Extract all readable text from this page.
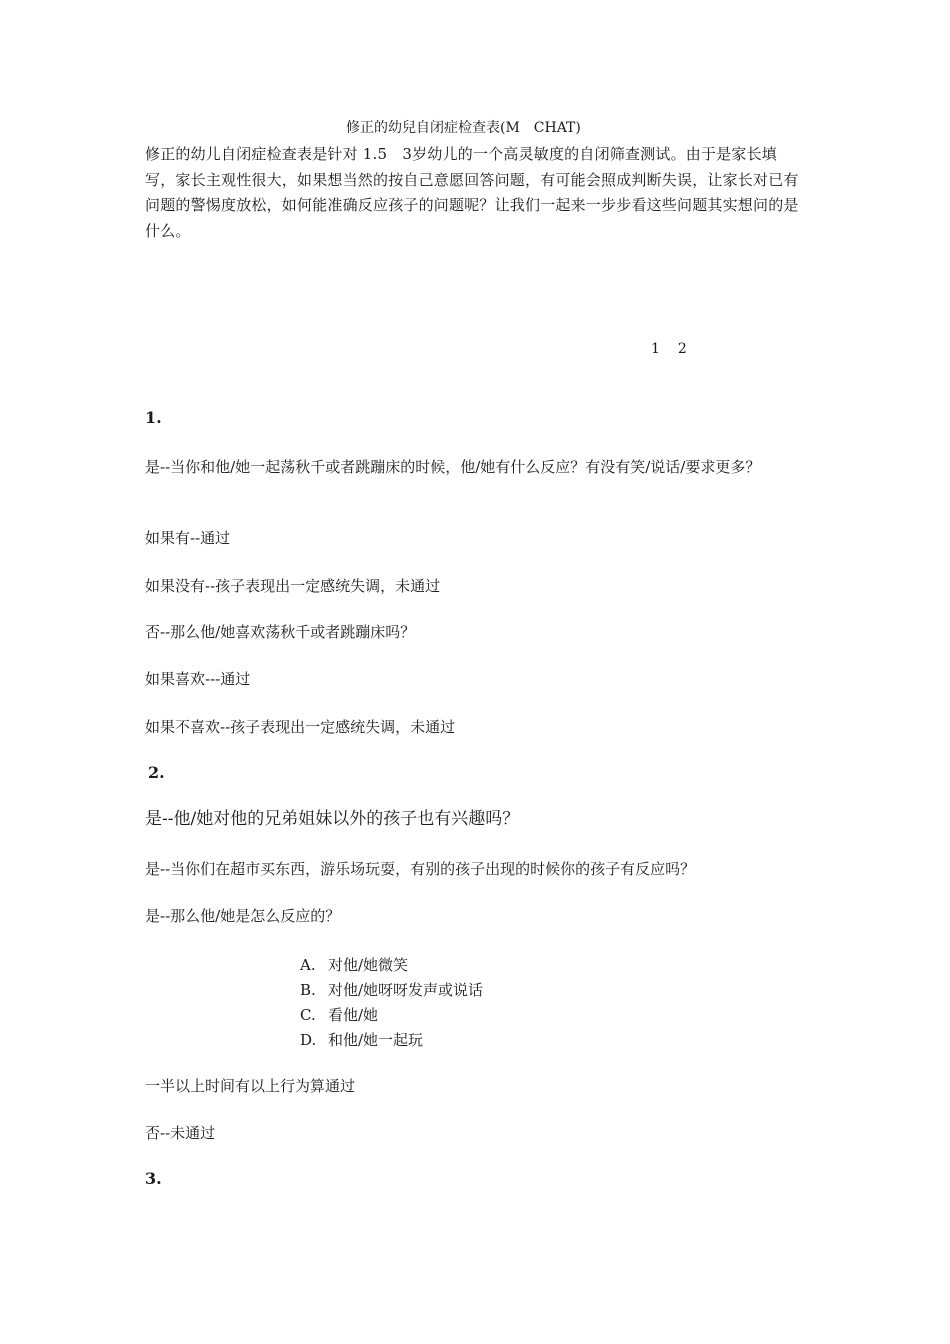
修正的幼兒自闭症检查表(M　CHAT)

修正的幼儿自闭症检查表是针对 1.5　3岁幼儿的一个高灵敏度的自闭筛查测试。由于是家长填写，家长主观性很大，如果想当然的按自己意愿回答问题，有可能会照成判断失误，让家长对已有问题的警惕度放松，如何能准确反应孩子的问题呢？让我们一起来一步步看这些问题其实想问的是什么。

1　2

1.

是--当你和他/她一起荡秋千或者跳蹦床的时候，他/她有什么反应？有没有笑/说话/要求更多？

如果有--通过

如果没有--孩子表现出一定感统失调，未通过

否--那么他/她喜欢荡秋千或者跳蹦床吗？

如果喜欢---通过

如果不喜欢--孩子表现出一定感统失调，未通过

2.

是--他/她对他的兄弟姐妹以外的孩子也有兴趣吗？

是--当你们在超市买东西，游乐场玩耍，有别的孩子出现的时候你的孩子有反应吗？

是--那么他/她是怎么反应的？

A. 对他/她微笑
B. 对他/她呀呀发声或说话
C. 看他/她
D. 和他/她一起玩

一半以上时间有以上行为算通过

否--未通过

3.
